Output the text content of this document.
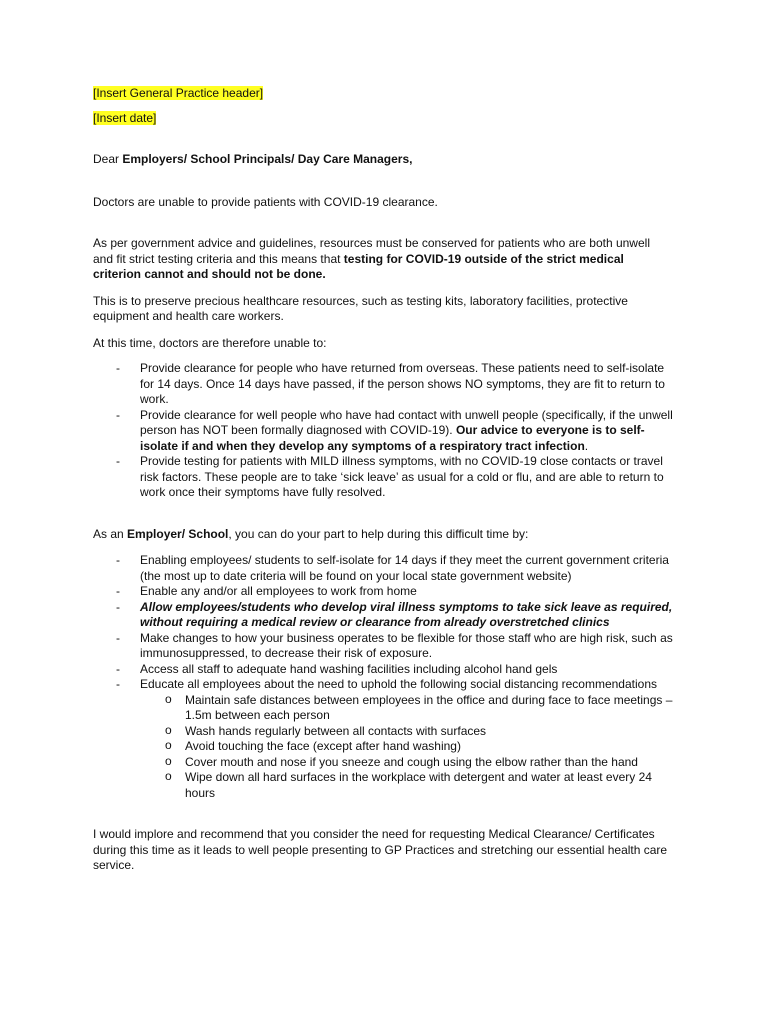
[Insert General Practice header]

[Insert date]

Dear Employers/ School Principals/ Day Care Managers,

Doctors are unable to provide patients with COVID-19 clearance.

As per government advice and guidelines, resources must be conserved for patients who are both unwell and fit strict testing criteria and this means that testing for COVID-19 outside of the strict medical criterion cannot and should not be done.

This is to preserve precious healthcare resources, such as testing kits, laboratory facilities, protective equipment and health care workers.

At this time, doctors are therefore unable to:

- Provide clearance for people who have returned from overseas. These patients need to self-isolate for 14 days. Once 14 days have passed, if the person shows NO symptoms, they are fit to return to work.
- Provide clearance for well people who have had contact with unwell people (specifically, if the unwell person has NOT been formally diagnosed with COVID-19). Our advice to everyone is to self-isolate if and when they develop any symptoms of a respiratory tract infection.
- Provide testing for patients with MILD illness symptoms, with no COVID-19 close contacts or travel risk factors. These people are to take ‘sick leave’ as usual for a cold or flu, and are able to return to work once their symptoms have fully resolved.

As an Employer/ School, you can do your part to help during this difficult time by:

- Enabling employees/ students to self-isolate for 14 days if they meet the current government criteria (the most up to date criteria will be found on your local state government website)
- Enable any and/or all employees to work from home
- Allow employees/students who develop viral illness symptoms to take sick leave as required, without requiring a medical review or clearance from already overstretched clinics
- Make changes to how your business operates to be flexible for those staff who are high risk, such as immunosuppressed, to decrease their risk of exposure.
- Access all staff to adequate hand washing facilities including alcohol hand gels
- Educate all employees about the need to uphold the following social distancing recommendations
o Maintain safe distances between employees in the office and during face to face meetings – 1.5m between each person
o Wash hands regularly between all contacts with surfaces
o Avoid touching the face (except after hand washing)
o Cover mouth and nose if you sneeze and cough using the elbow rather than the hand
o Wipe down all hard surfaces in the workplace with detergent and water at least every 24 hours

I would implore and recommend that you consider the need for requesting Medical Clearance/ Certificates during this time as it leads to well people presenting to GP Practices and stretching our essential health care service.
